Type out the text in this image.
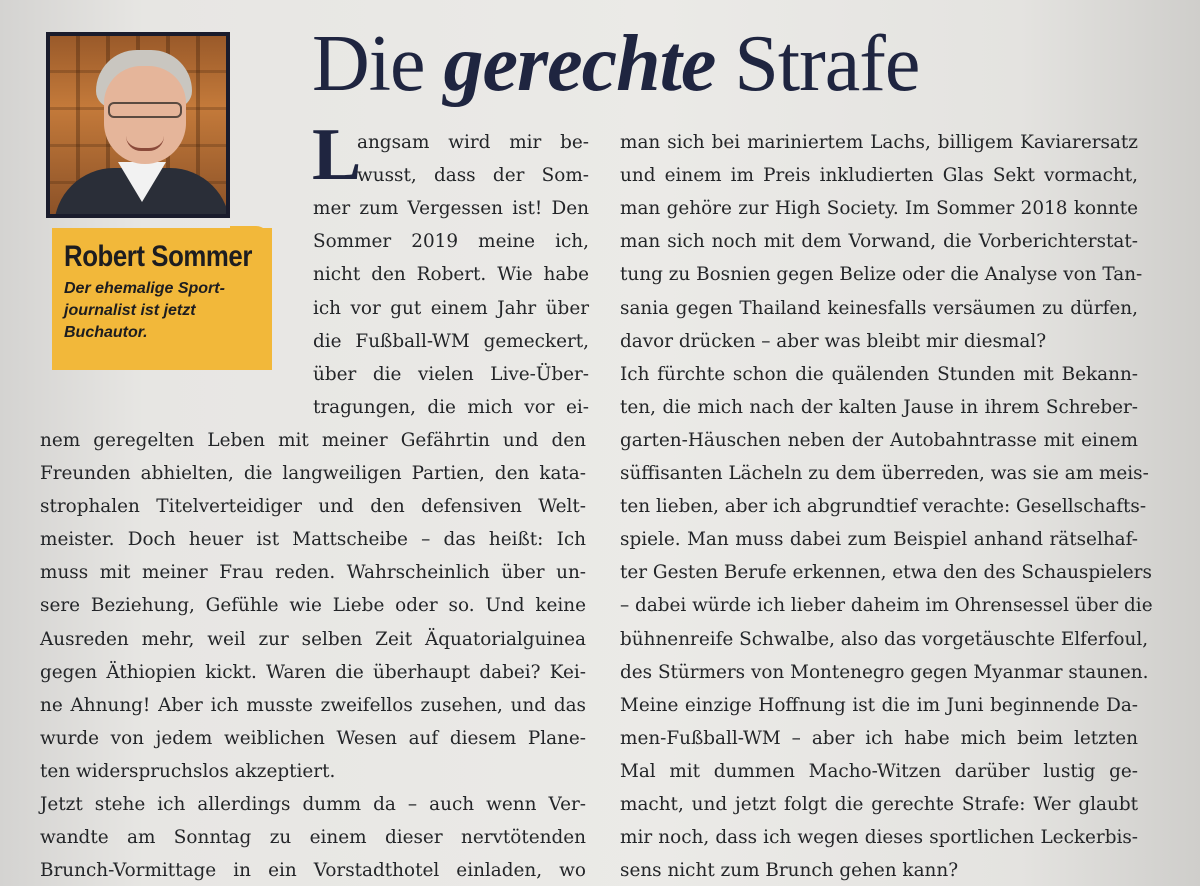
Die gerechte Strafe
Robert Sommer
Der ehemalige Sport-
journalist ist jetzt
Buchautor.
L
angsam wird mir be-
wusst, dass der Som-
mer zum Vergessen ist! Den
Sommer 2019 meine ich,
nicht den Robert. Wie habe
ich vor gut einem Jahr über
die Fußball-WM gemeckert,
über die vielen Live-Über-
tragungen, die mich vor ei-
nem geregelten Leben mit meiner Gefährtin und den
Freunden abhielten, die langweiligen Partien, den kata-
strophalen Titelverteidiger und den defensiven Welt-
meister. Doch heuer ist Mattscheibe – das heißt: Ich
muss mit meiner Frau reden. Wahrscheinlich über un-
sere Beziehung, Gefühle wie Liebe oder so. Und keine
Ausreden mehr, weil zur selben Zeit Äquatorialguinea
gegen Äthiopien kickt. Waren die überhaupt dabei? Kei-
ne Ahnung! Aber ich musste zweifellos zusehen, und das
wurde von jedem weiblichen Wesen auf diesem Plane-
ten widerspruchslos akzeptiert.
Jetzt stehe ich allerdings dumm da – auch wenn Ver-
wandte am Sonntag zu einem dieser nervtötenden
Brunch-Vormittage in ein Vorstadthotel einladen, wo
man sich bei mariniertem Lachs, billigem Kaviarersatz
und einem im Preis inkludierten Glas Sekt vormacht,
man gehöre zur High Society. Im Sommer 2018 konnte
man sich noch mit dem Vorwand, die Vorberichterstat-
tung zu Bosnien gegen Belize oder die Analyse von Tan-
sania gegen Thailand keinesfalls versäumen zu dürfen,
davor drücken – aber was bleibt mir diesmal?
Ich fürchte schon die quälenden Stunden mit Bekann-
ten, die mich nach der kalten Jause in ihrem Schreber-
garten-Häuschen neben der Autobahntrasse mit einem
süffisanten Lächeln zu dem überreden, was sie am meis-
ten lieben, aber ich abgrundtief verachte: Gesellschafts-
spiele. Man muss dabei zum Beispiel anhand rätselhaf-
ter Gesten Berufe erkennen, etwa den des Schauspielers
– dabei würde ich lieber daheim im Ohrensessel über die
bühnenreife Schwalbe, also das vorgetäuschte Elferfoul,
des Stürmers von Montenegro gegen Myanmar staunen.
Meine einzige Hoffnung ist die im Juni beginnende Da-
men-Fußball-WM – aber ich habe mich beim letzten
Mal mit dummen Macho-Witzen darüber lustig ge-
macht, und jetzt folgt die gerechte Strafe: Wer glaubt
mir noch, dass ich wegen dieses sportlichen Leckerbis-
sens nicht zum Brunch gehen kann?
